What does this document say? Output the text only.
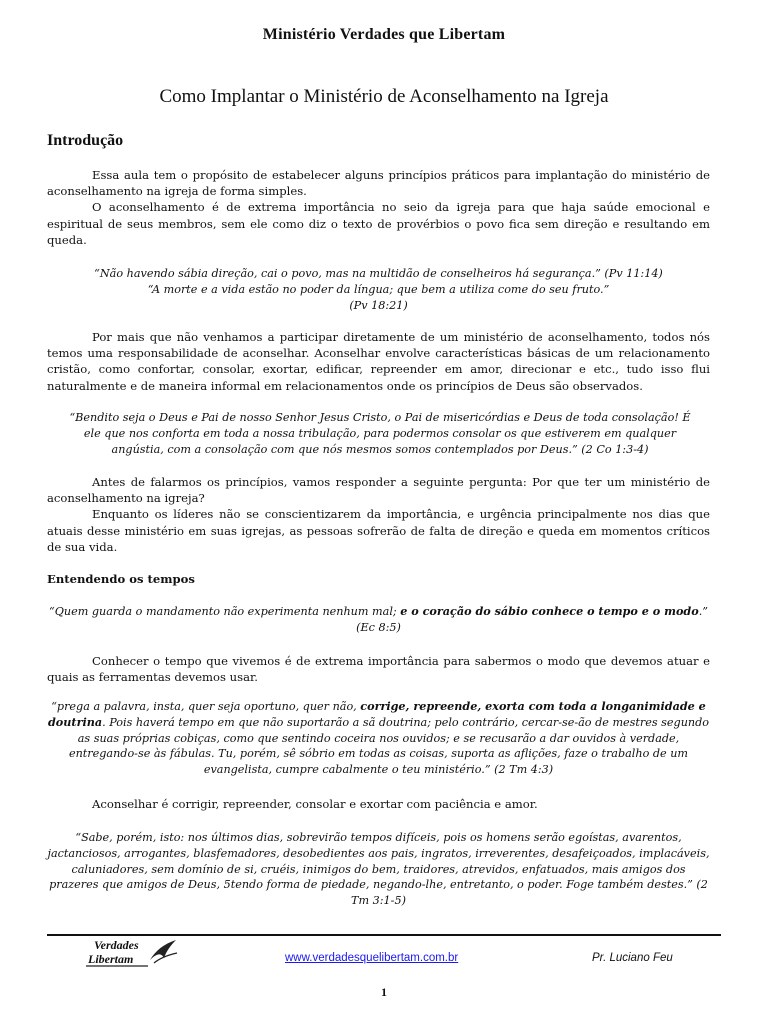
Ministério Verdades que Libertam
Como Implantar o Ministério de Aconselhamento na Igreja
Introdução

Essa aula tem o propósito de estabelecer alguns princípios práticos para implantação do ministério de aconselhamento na igreja de forma simples.

O aconselhamento é de extrema importância no seio da igreja para que haja saúde emocional e espiritual de seus membros, sem ele como diz o texto de provérbios o povo fica sem direção e resultando em queda.

“Não havendo sábia direção, cai o povo, mas na multidão de conselheiros há segurança.” (Pv 11:14)

“A morte e a vida estão no poder da língua; que bem a utiliza come do seu fruto.”

(Pv 18:21)

Por mais que não venhamos a participar diretamente de um ministério de aconselhamento, todos nós temos uma responsabilidade de aconselhar. Aconselhar envolve características básicas de um relacionamento cristão, como confortar, consolar, exortar, edificar, repreender em amor, direcionar e etc., tudo isso flui naturalmente e de maneira informal em relacionamentos onde os princípios de Deus são observados.

“Bendito seja o Deus e Pai de nosso Senhor Jesus Cristo, o Pai de misericórdias e Deus de toda consolação! É ele que nos conforta em toda a nossa tribulação, para podermos consolar os que estiverem em qualquer angústia, com a consolação com que nós mesmos somos contemplados por Deus.” (2 Co 1:3-4)

Antes de falarmos os princípios, vamos responder a seguinte pergunta: Por que ter um ministério de aconselhamento na igreja?

Enquanto os líderes não se conscientizarem da importância, e urgência principalmente nos dias que atuais desse ministério em suas igrejas, as pessoas sofrerão de falta de direção e queda em momentos críticos de sua vida.

Entendendo os tempos

“Quem guarda o mandamento não experimenta nenhum mal; e o coração do sábio conhece o tempo e o modo.”

(Ec 8:5)

Conhecer o tempo que vivemos é de extrema importância para sabermos o modo que devemos atuar e quais as ferramentas devemos usar.

“prega a palavra, insta, quer seja oportuno, quer não, corrige, repreende, exorta com toda a longanimidade e doutrina. Pois haverá tempo em que não suportarão a sã doutrina; pelo contrário, cercar-se-ão de mestres segundo as suas próprias cobiças, como que sentindo coceira nos ouvidos; e se recusarão a dar ouvidos à verdade, entregando-se às fábulas. Tu, porém, sê sóbrio em todas as coisas, suporta as aflições, faze o trabalho de um evangelista, cumpre cabalmente o teu ministério.” (2 Tm 4:3)

Aconselhar é corrigir, repreender, consolar e exortar com paciência e amor.

“Sabe, porém, isto: nos últimos dias, sobrevirão tempos difíceis, pois os homens serão egoístas, avarentos, jactanciosos, arrogantes, blasfemadores, desobedientes aos pais, ingratos, irreverentes, desafeiçoados, implacáveis, caluniadores, sem domínio de si, cruéis, inimigos do bem, traidores, atrevidos, enfatuados, mais amigos dos prazeres que amigos de Deus, 5tendo forma de piedade, negando-lhe, entretanto, o poder. Foge também destes.” (2 Tm 3:1-5)

Verdades
Libertam	www.verdadesquelibertam.com.br	Pr. Luciano Feu
1
